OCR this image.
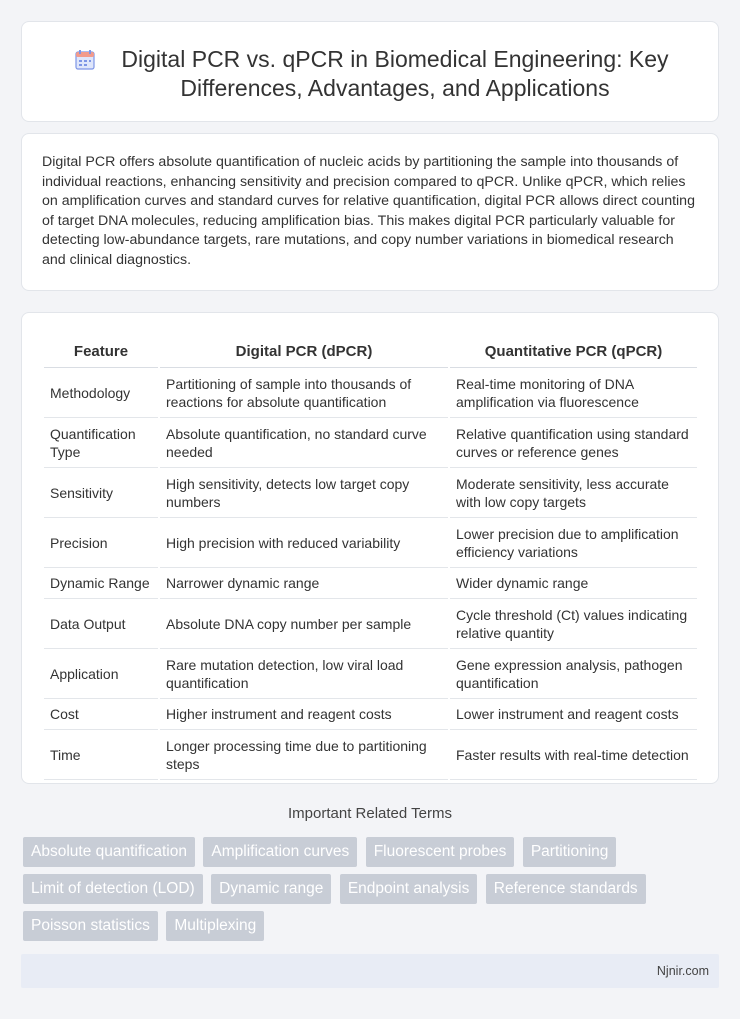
Digital PCR vs. qPCR in Biomedical Engineering: Key Differences, Advantages, and Applications

Digital PCR offers absolute quantification of nucleic acids by partitioning the sample into thousands of individual reactions, enhancing sensitivity and precision compared to qPCR. Unlike qPCR, which relies on amplification curves and standard curves for relative quantification, digital PCR allows direct counting of target DNA molecules, reducing amplification bias. This makes digital PCR particularly valuable for detecting low-abundance targets, rare mutations, and copy number variations in biomedical research and clinical diagnostics.

Feature	Digital PCR (dPCR)	Quantitative PCR (qPCR)
Methodology	Partitioning of sample into thousands of reactions for absolute quantification	Real-time monitoring of DNA amplification via fluorescence
Quantification Type	Absolute quantification, no standard curve needed	Relative quantification using standard curves or reference genes
Sensitivity	High sensitivity, detects low target copy numbers	Moderate sensitivity, less accurate with low copy targets
Precision	High precision with reduced variability	Lower precision due to amplification efficiency variations
Dynamic Range	Narrower dynamic range	Wider dynamic range
Data Output	Absolute DNA copy number per sample	Cycle threshold (Ct) values indicating relative quantity
Application	Rare mutation detection, low viral load quantification	Gene expression analysis, pathogen quantification
Cost	Higher instrument and reagent costs	Lower instrument and reagent costs
Time	Longer processing time due to partitioning steps	Faster results with real-time detection
Important Related Terms
Absolute quantification Amplification curves Fluorescent probes Partitioning Limit of detection (LOD) Dynamic range Endpoint analysis Reference standards Poisson statistics Multiplexing
Njnir.com
